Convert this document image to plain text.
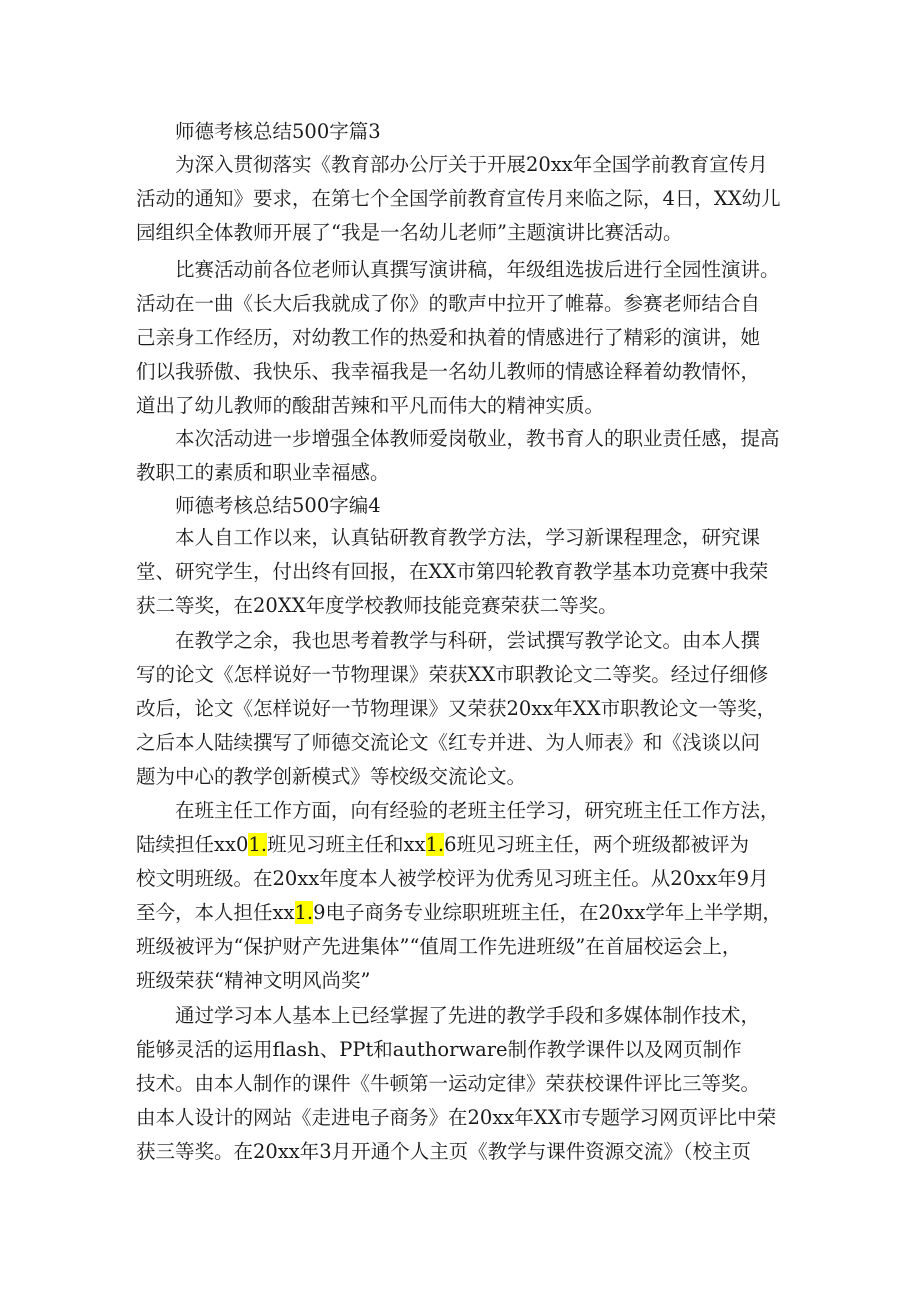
师德考核总结500字篇3
为深入贯彻落实《教育部办公厅关于开展20xx年全国学前教育宣传月
活动的通知》要求，在第七个全国学前教育宣传月来临之际，4日，XX幼儿
园组织全体教师开展了“我是一名幼儿老师”主题演讲比赛活动。
比赛活动前各位老师认真撰写演讲稿，年级组选拔后进行全园性演讲。
活动在一曲《长大后我就成了你》的歌声中拉开了帷幕。参赛老师结合自
己亲身工作经历，对幼教工作的热爱和执着的情感进行了精彩的演讲，她
们以我骄傲、我快乐、我幸福我是一名幼儿教师的情感诠释着幼教情怀，
道出了幼儿教师的酸甜苦辣和平凡而伟大的精神实质。
本次活动进一步增强全体教师爱岗敬业，教书育人的职业责任感，提高
教职工的素质和职业幸福感。
师德考核总结500字编4
本人自工作以来，认真钻研教育教学方法，学习新课程理念，研究课
堂、研究学生，付出终有回报，在XX市第四轮教育教学基本功竞赛中我荣
获二等奖，在20XX年度学校教师技能竞赛荣获二等奖。
在教学之余，我也思考着教学与科研，尝试撰写教学论文。由本人撰
写的论文《怎样说好一节物理课》荣获XX市职教论文二等奖。经过仔细修
改后，论文《怎样说好一节物理课》又荣获20xx年XX市职教论文一等奖，
之后本人陆续撰写了师德交流论文《红专并进、为人师表》和《浅谈以问
题为中心的教学创新模式》等校级交流论文。
在班主任工作方面，向有经验的老班主任学习，研究班主任工作方法，
陆续担任xx01.班见习班主任和xx1.6班见习班主任，两个班级都被评为
校文明班级。在20xx年度本人被学校评为优秀见习班主任。从20xx年9月
至今，本人担任xx1.9电子商务专业综职班班主任，在20xx学年上半学期，
班级被评为“保护财产先进集体”“值周工作先进班级”在首届校运会上，
班级荣获“精神文明风尚奖”
通过学习本人基本上已经掌握了先进的教学手段和多媒体制作技术，
能够灵活的运用flash、PPt和authorware制作教学课件以及网页制作
技术。由本人制作的课件《牛顿第一运动定律》荣获校课件评比三等奖。
由本人设计的网站《走进电子商务》在20xx年XX市专题学习网页评比中荣
获三等奖。在20xx年3月开通个人主页《教学与课件资源交流》（校主页
